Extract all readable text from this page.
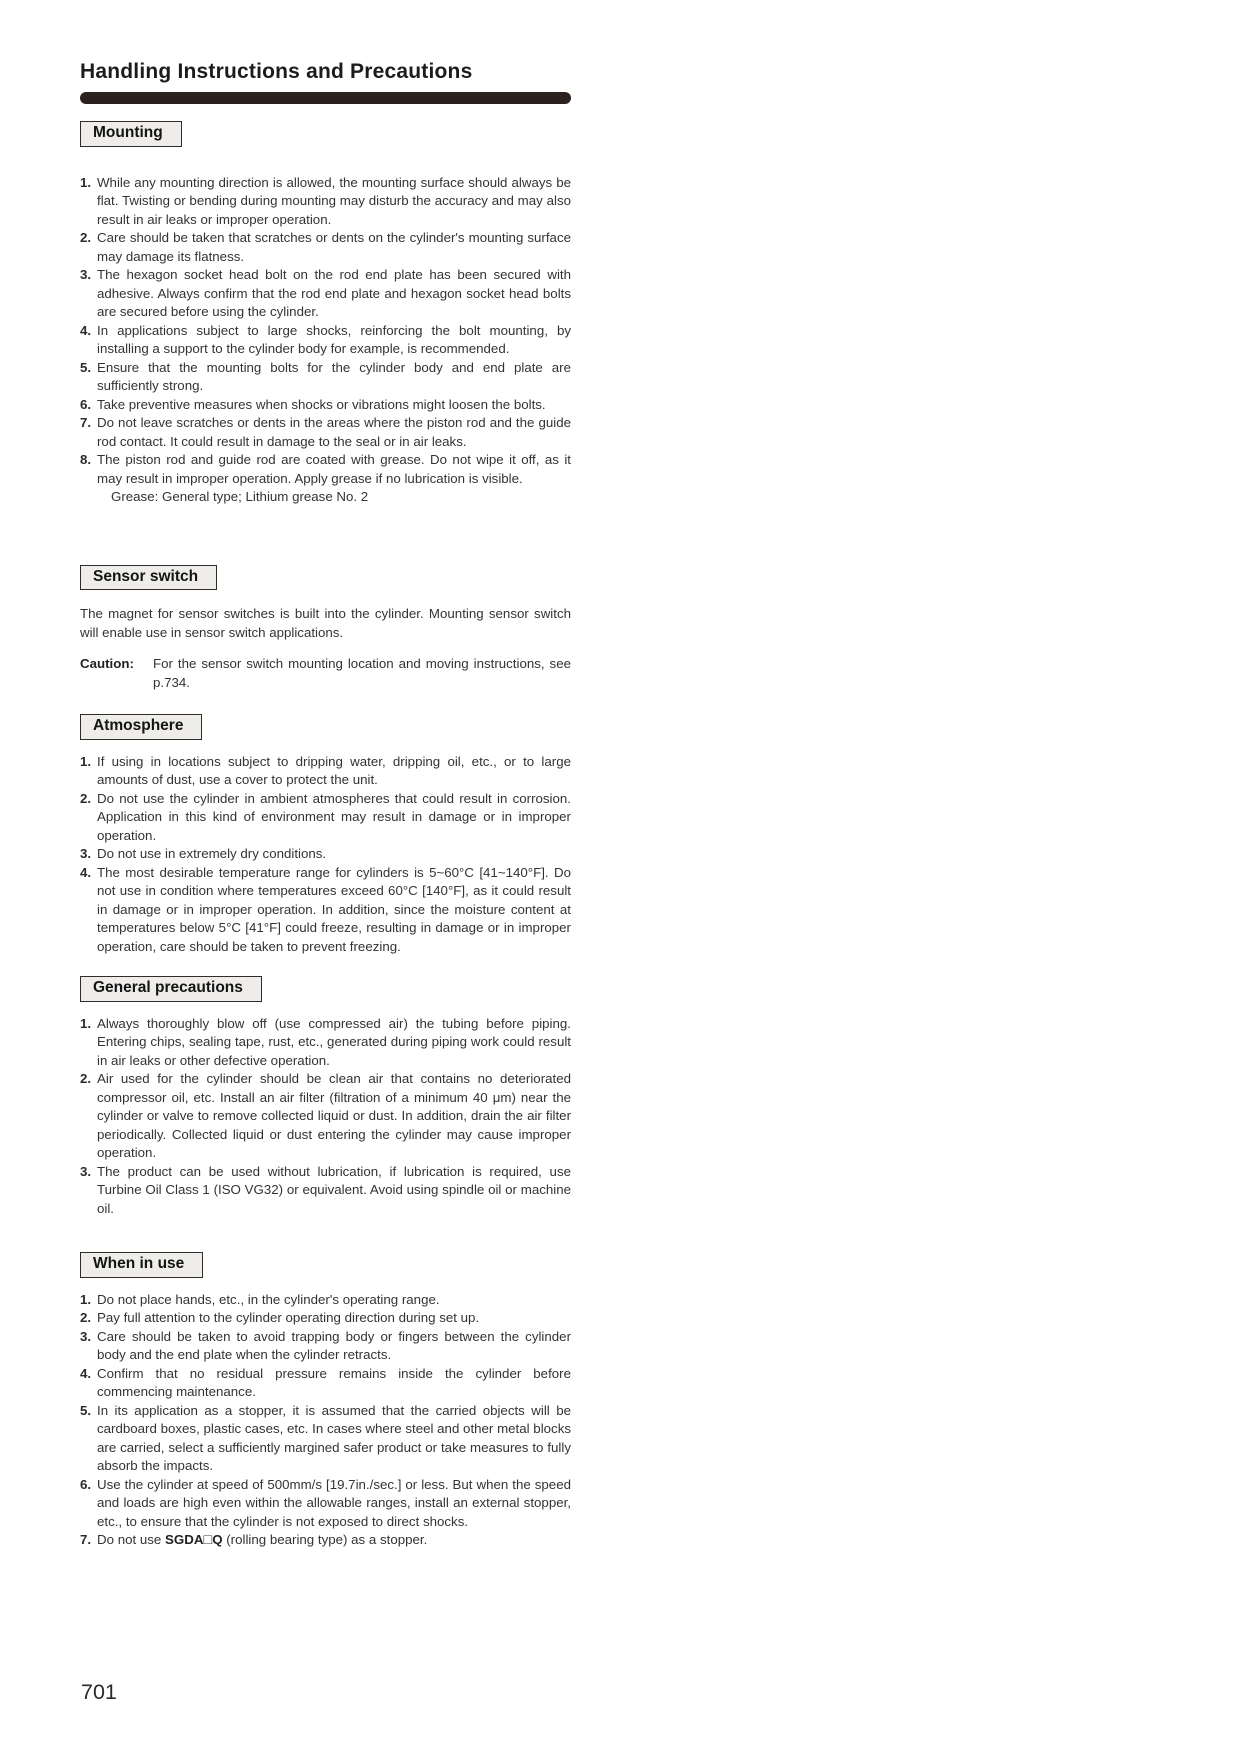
Handling Instructions and Precautions
Mounting
1. While any mounting direction is allowed, the mounting surface should always be flat. Twisting or bending during mounting may disturb the accuracy and may also result in air leaks or improper operation.

2. Care should be taken that scratches or dents on the cylinder's mounting surface may damage its flatness.

3. The hexagon socket head bolt on the rod end plate has been secured with adhesive. Always confirm that the rod end plate and hexagon socket head bolts are secured before using the cylinder.

4. In applications subject to large shocks, reinforcing the bolt mounting, by installing a support to the cylinder body for example, is recommended.

5. Ensure that the mounting bolts for the cylinder body and end plate are sufficiently strong.

6. Take preventive measures when shocks or vibrations might loosen the bolts.

7. Do not leave scratches or dents in the areas where the piston rod and the guide rod contact. It could result in damage to the seal or in air leaks.

8. The piston rod and guide rod are coated with grease. Do not wipe it off, as it may result in improper operation. Apply grease if no lubrication is visible.

Grease: General type; Lithium grease No. 2
Sensor switch

The magnet for sensor switches is built into the cylinder. Mounting sensor switch will enable use in sensor switch applications.

Caution:	For the sensor switch mounting location and moving instructions, see p.734.

Atmosphere
1. If using in locations subject to dripping water, dripping oil, etc., or to large amounts of dust, use a cover to protect the unit.

2. Do not use the cylinder in ambient atmospheres that could result in corrosion. Application in this kind of environment may result in damage or in improper operation.

3. Do not use in extremely dry conditions.

4. The most desirable temperature range for cylinders is 5~60°C [41~140°F]. Do not use in condition where temperatures exceed 60°C [140°F], as it could result in damage or in improper operation. In addition, since the moisture content at temperatures below 5°C [41°F] could freeze, resulting in damage or in improper operation, care should be taken to prevent freezing.

General precautions
1. Always thoroughly blow off (use compressed air) the tubing before piping. Entering chips, sealing tape, rust, etc., generated during piping work could result in air leaks or other defective operation.

2. Air used for the cylinder should be clean air that contains no deteriorated compressor oil, etc. Install an air filter (filtration of a minimum 40 μm) near the cylinder or valve to remove collected liquid or dust. In addition, drain the air filter periodically. Collected liquid or dust entering the cylinder may cause improper operation.

3. The product can be used without lubrication, if lubrication is required, use Turbine Oil Class 1 (ISO VG32) or equivalent. Avoid using spindle oil or machine oil.

When in use
1. Do not place hands, etc., in the cylinder's operating range.

2. Pay full attention to the cylinder operating direction during set up.

3. Care should be taken to avoid trapping body or fingers between the cylinder body and the end plate when the cylinder retracts.

4. Confirm that no residual pressure remains inside the cylinder before commencing maintenance.

5. In its application as a stopper, it is assumed that the carried objects will be cardboard boxes, plastic cases, etc. In cases where steel and other metal blocks are carried, select a sufficiently margined safer product or take measures to fully absorb the impacts.

6. Use the cylinder at speed of 500mm/s [19.7in./sec.] or less. But when the speed and loads are high even within the allowable ranges, install an external stopper, etc., to ensure that the cylinder is not exposed to direct shocks.

7. Do not use SGDA□Q (rolling bearing type) as a stopper.

701
